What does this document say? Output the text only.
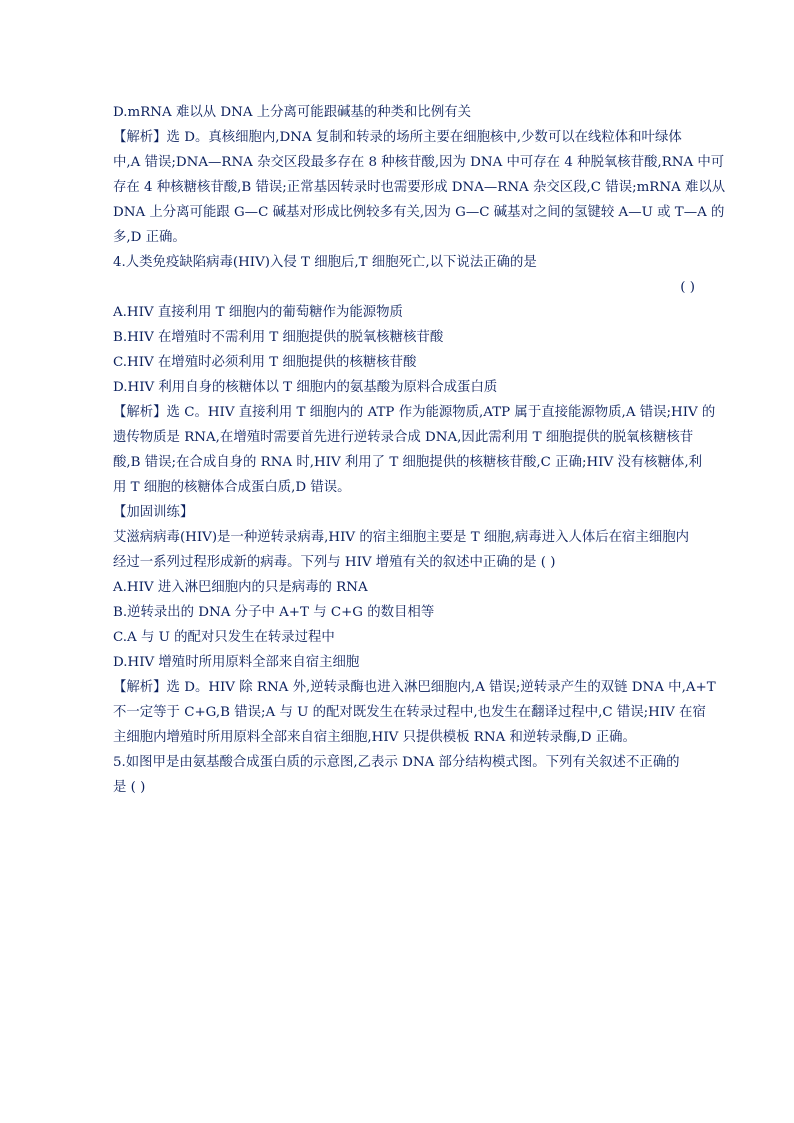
D.mRNA 难以从 DNA 上分离可能跟碱基的种类和比例有关
【解析】选 D。真核细胞内,DNA 复制和转录的场所主要在细胞核中,少数可以在线粒体和叶绿体
中,A 错误;DNA—RNA 杂交区段最多存在 8 种核苷酸,因为 DNA 中可存在 4 种脱氧核苷酸,RNA 中可
存在 4 种核糖核苷酸,B 错误;正常基因转录时也需要形成 DNA—RNA 杂交区段,C 错误;mRNA 难以从
DNA 上分离可能跟 G—C 碱基对形成比例较多有关,因为 G—C 碱基对之间的氢键较 A—U 或 T—A 的
多,D 正确。
4.人类免疫缺陷病毒(HIV)入侵 T 细胞后,T 细胞死亡,以下说法正确的是
( )
A.HIV 直接利用 T 细胞内的葡萄糖作为能源物质
B.HIV 在增殖时不需利用 T 细胞提供的脱氧核糖核苷酸
C.HIV 在增殖时必须利用 T 细胞提供的核糖核苷酸
D.HIV 利用自身的核糖体以 T 细胞内的氨基酸为原料合成蛋白质
【解析】选 C。HIV 直接利用 T 细胞内的 ATP 作为能源物质,ATP 属于直接能源物质,A 错误;HIV 的
遗传物质是 RNA,在增殖时需要首先进行逆转录合成 DNA,因此需利用 T 细胞提供的脱氧核糖核苷
酸,B 错误;在合成自身的 RNA 时,HIV 利用了 T 细胞提供的核糖核苷酸,C 正确;HIV 没有核糖体,利
用 T 细胞的核糖体合成蛋白质,D 错误。
【加固训练】
艾滋病病毒(HIV)是一种逆转录病毒,HIV 的宿主细胞主要是 T 细胞,病毒进入人体后在宿主细胞内
经过一系列过程形成新的病毒。下列与 HIV 增殖有关的叙述中正确的是 ( )
A.HIV 进入淋巴细胞内的只是病毒的 RNA
B.逆转录出的 DNA 分子中 A+T 与 C+G 的数目相等
C.A 与 U 的配对只发生在转录过程中
D.HIV 增殖时所用原料全部来自宿主细胞
【解析】选 D。HIV 除 RNA 外,逆转录酶也进入淋巴细胞内,A 错误;逆转录产生的双链 DNA 中,A+T
不一定等于 C+G,B 错误;A 与 U 的配对既发生在转录过程中,也发生在翻译过程中,C 错误;HIV 在宿
主细胞内增殖时所用原料全部来自宿主细胞,HIV 只提供模板 RNA 和逆转录酶,D 正确。
5.如图甲是由氨基酸合成蛋白质的示意图,乙表示 DNA 部分结构模式图。下列有关叙述不正确的
是 ( )
